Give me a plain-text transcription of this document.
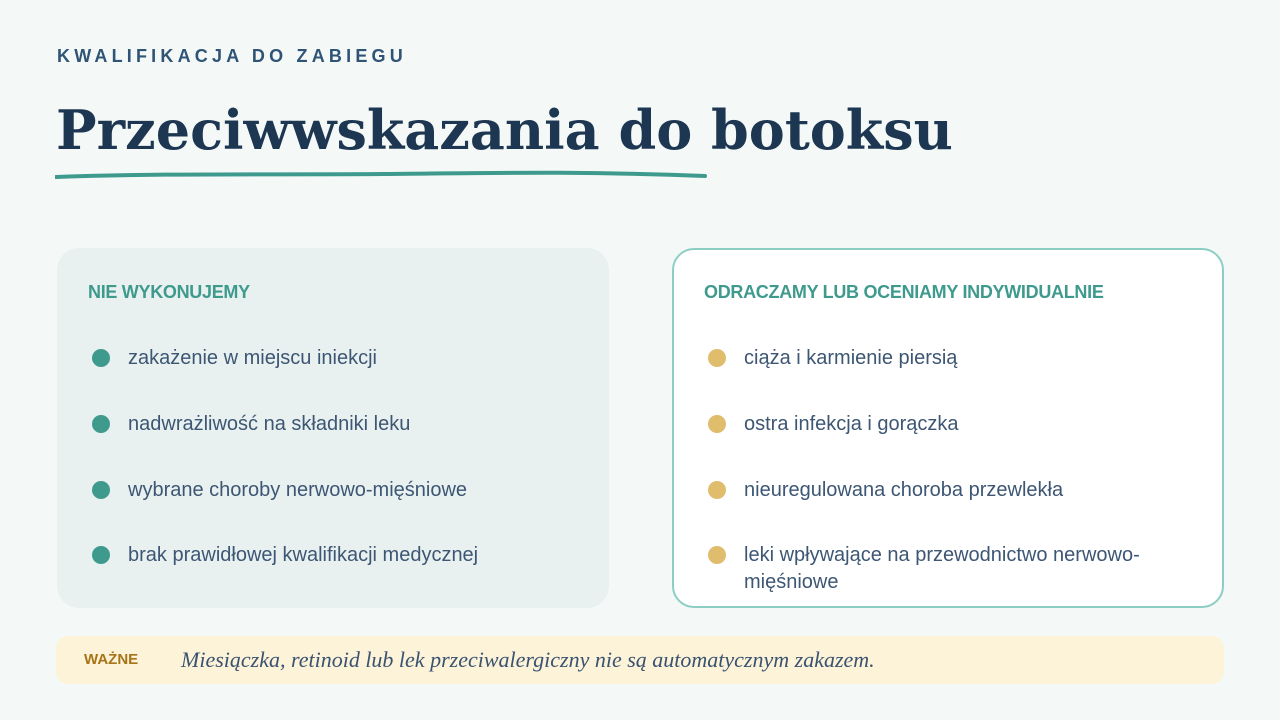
KWALIFIKACJA DO ZABIEGU
Przeciwwskazania do botoksu
NIE WYKONUJEMY
zakażenie w miejscu iniekcji
nadwrażliwość na składniki leku
wybrane choroby nerwowo-mięśniowe
brak prawidłowej kwalifikacji medycznej
ODRACZAMY LUB OCENIAMY INDYWIDUALNIE
ciąża i karmienie piersią
ostra infekcja i gorączka
nieuregulowana choroba przewlekła
leki wpływające na przewodnictwo nerwowo-mięśniowe
WAŻNE Miesiączka, retinoid lub lek przeciwalergiczny nie są automatycznym zakazem.
